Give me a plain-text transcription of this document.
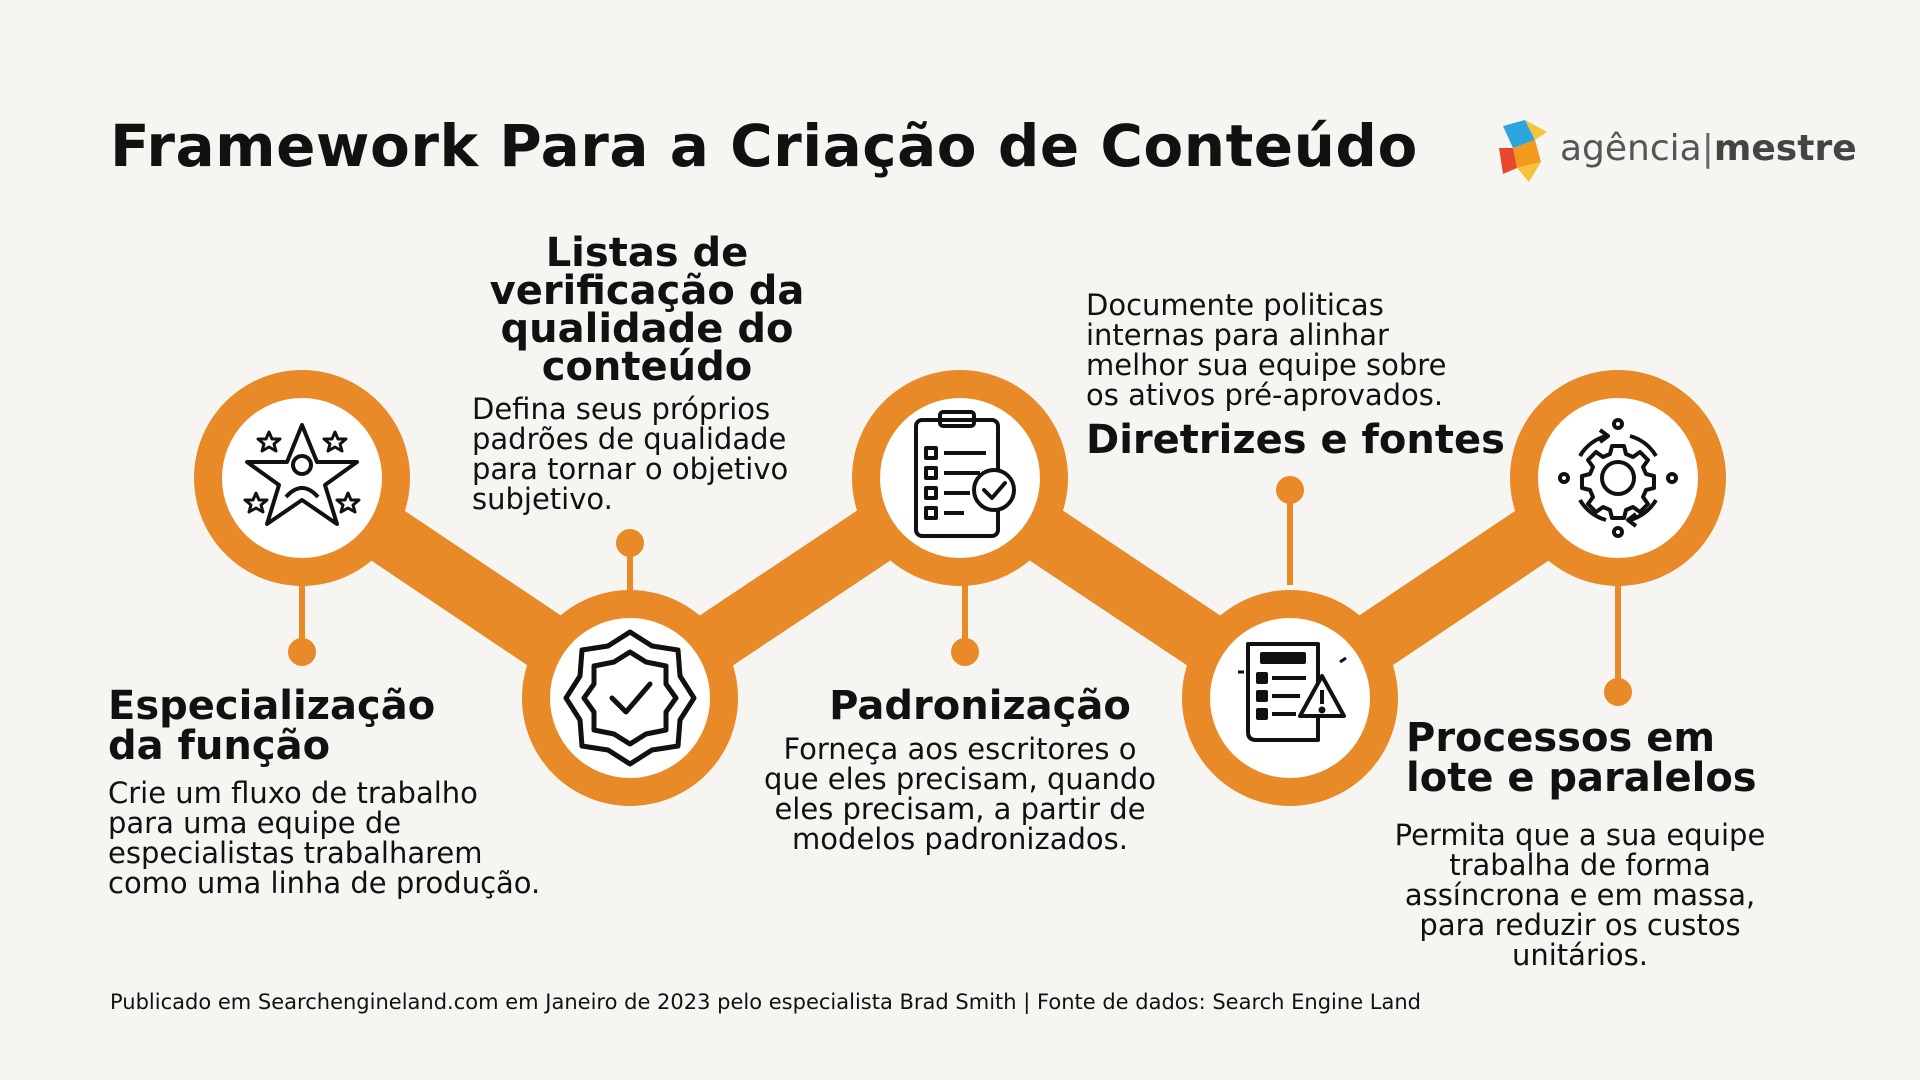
Framework Para a Criação de Conteúdo	agência|mestre
Especialização
da função
Crie um fluxo de trabalho
para uma equipe de
especialistas trabalharem
como uma linha de produção.
Listas de
verificação da
qualidade do
conteúdo
Defina seus próprios
padrões de qualidade
para tornar o objetivo
subjetivo.
Padronização
Forneça aos escritores o
que eles precisam, quando
eles precisam, a partir de
modelos padronizados.
Documente politicas
internas para alinhar
melhor sua equipe sobre
os ativos pré-aprovados.
Diretrizes e fontes
Processos em
lote e paralelos
Permita que a sua equipe
trabalha de forma
assíncrona e em massa,
para reduzir os custos
unitários.
Publicado em Searchengineland.com em Janeiro de 2023 pelo especialista Brad Smith | Fonte de dados: Search Engine Land
